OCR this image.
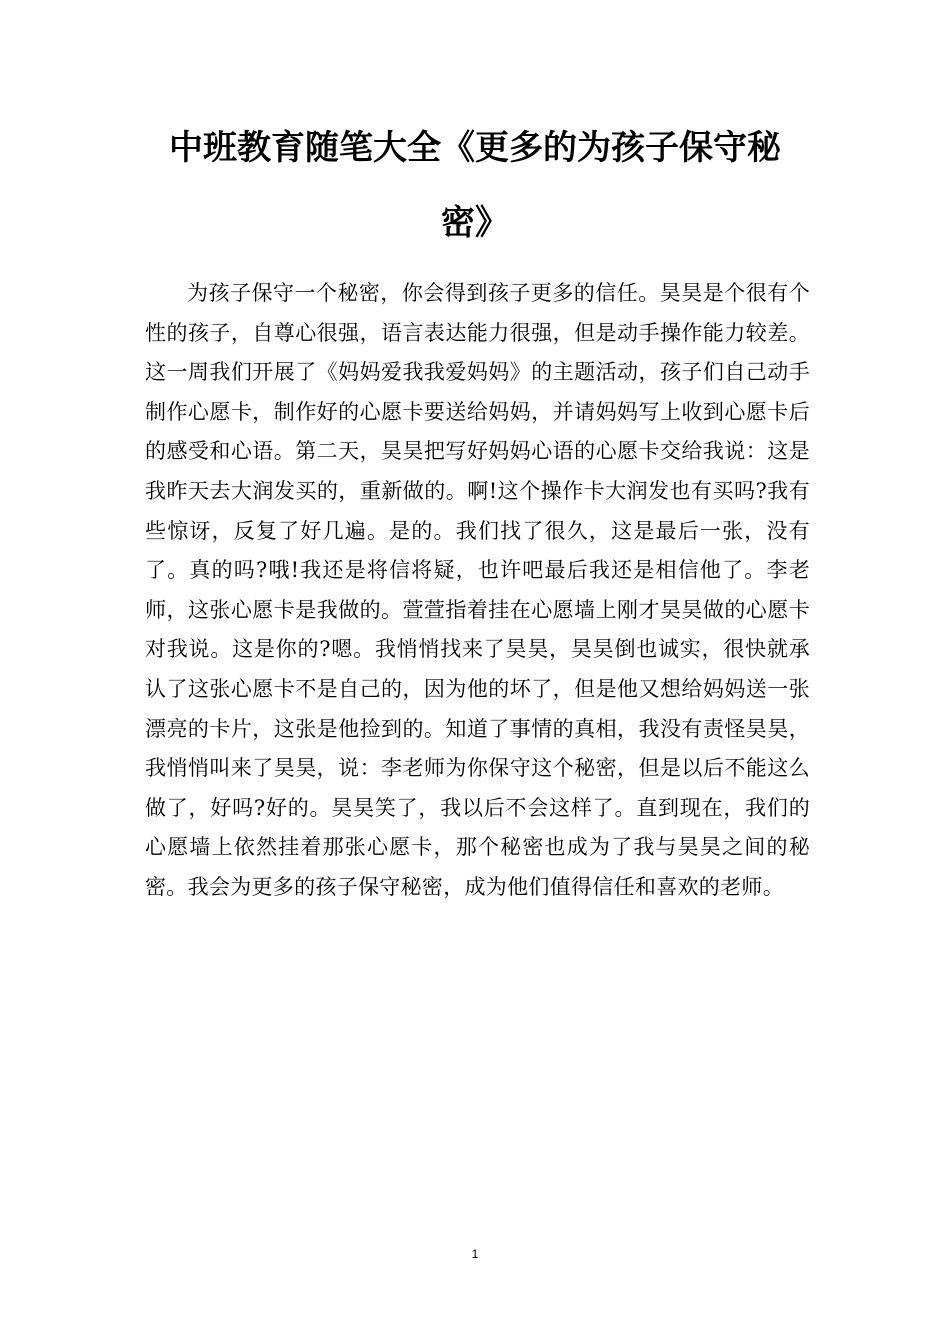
中班教育随笔大全《更多的为孩子保守秘
密》

为孩子保守一个秘密，你会得到孩子更多的信任。昊昊是个很有个性的孩子，自尊心很强，语言表达能力很强，但是动手操作能力较差。这一周我们开展了《妈妈爱我我爱妈妈》的主题活动，孩子们自己动手制作心愿卡，制作好的心愿卡要送给妈妈，并请妈妈写上收到心愿卡后的感受和心语。第二天，昊昊把写好妈妈心语的心愿卡交给我说：这是我昨天去大润发买的，重新做的。啊!这个操作卡大润发也有买吗?我有些惊讶，反复了好几遍。是的。我们找了很久，这是最后一张，没有了。真的吗?哦!我还是将信将疑，也许吧最后我还是相信他了。李老师，这张心愿卡是我做的。萱萱指着挂在心愿墙上刚才昊昊做的心愿卡对我说。这是你的?嗯。我悄悄找来了昊昊，昊昊倒也诚实，很快就承认了这张心愿卡不是自己的，因为他的坏了，但是他又想给妈妈送一张漂亮的卡片，这张是他捡到的。知道了事情的真相，我没有责怪昊昊，我悄悄叫来了昊昊，说：李老师为你保守这个秘密，但是以后不能这么做了，好吗?好的。昊昊笑了，我以后不会这样了。直到现在，我们的心愿墙上依然挂着那张心愿卡，那个秘密也成为了我与昊昊之间的秘密。我会为更多的孩子保守秘密，成为他们值得信任和喜欢的老师。

1
